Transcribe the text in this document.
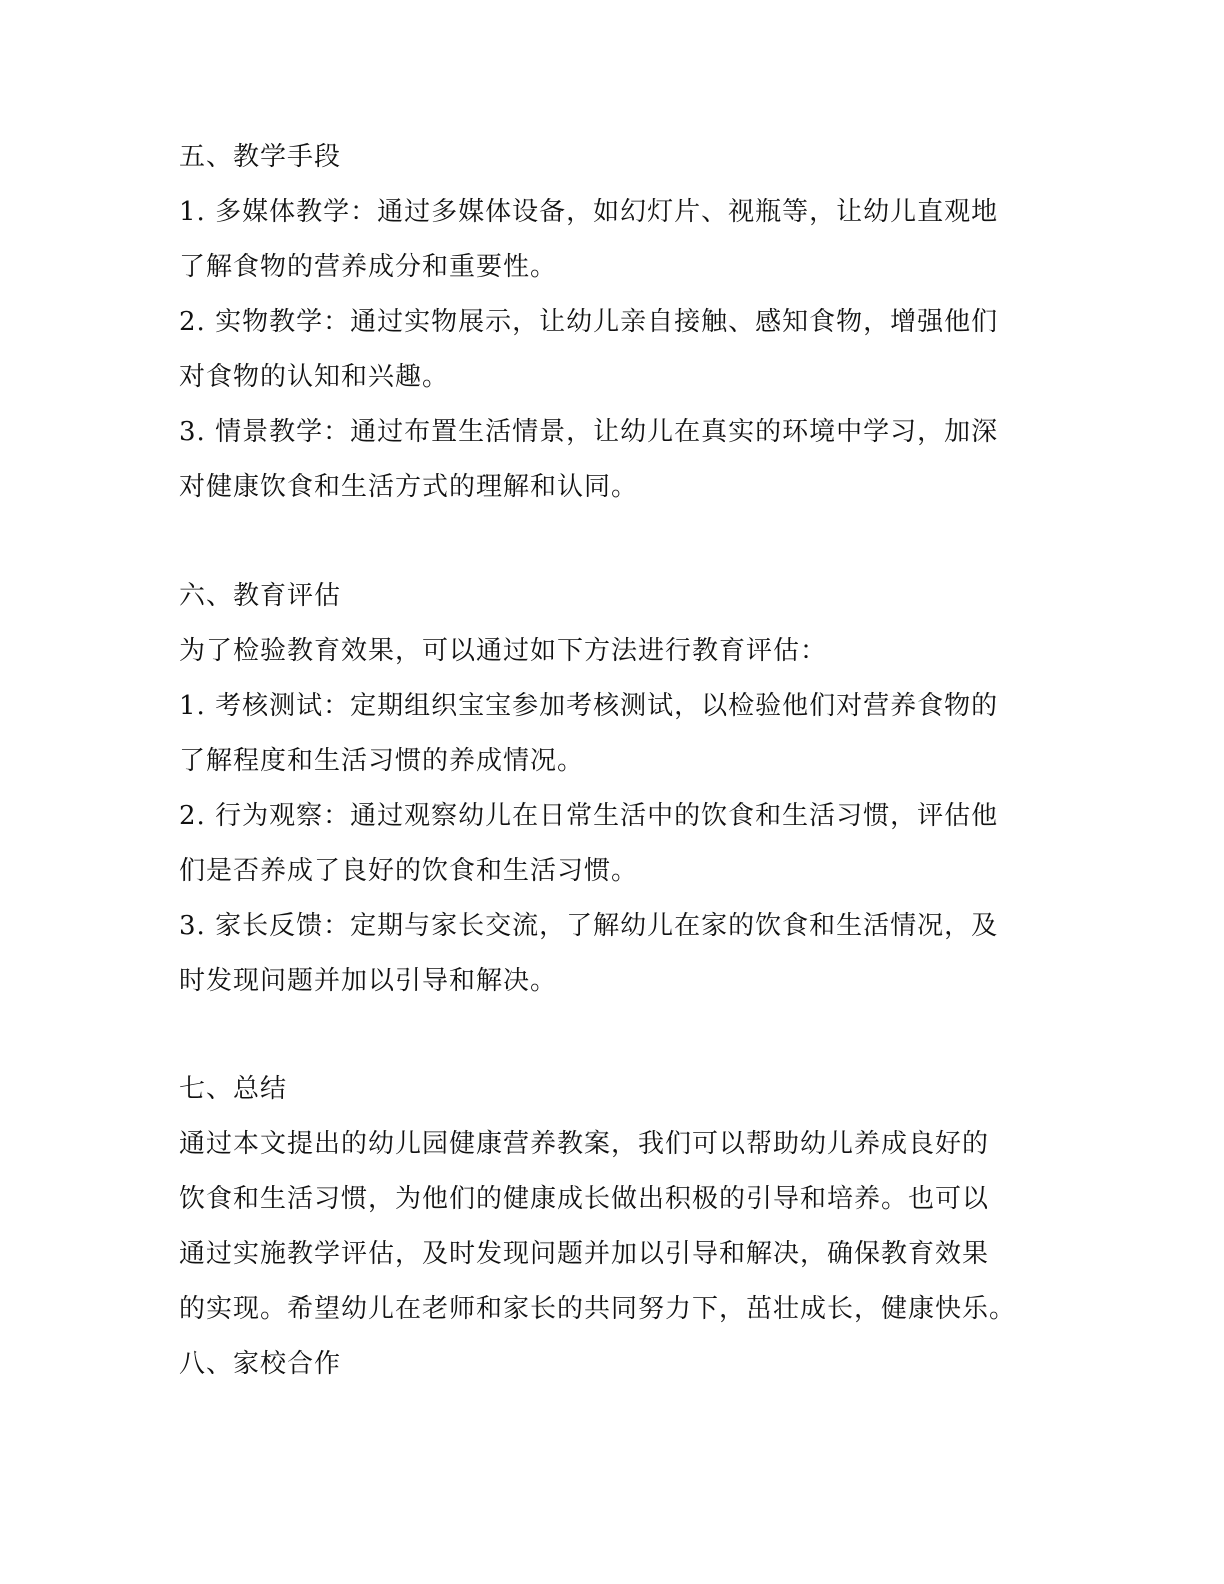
五、教学手段
1. 多媒体教学：通过多媒体设备，如幻灯片、视瓶等，让幼儿直观地
了解食物的营养成分和重要性。
2. 实物教学：通过实物展示，让幼儿亲自接触、感知食物，增强他们
对食物的认知和兴趣。
3. 情景教学：通过布置生活情景，让幼儿在真实的环境中学习，加深
对健康饮食和生活方式的理解和认同。
六、教育评估
为了检验教育效果，可以通过如下方法进行教育评估：
1. 考核测试：定期组织宝宝参加考核测试，以检验他们对营养食物的
了解程度和生活习惯的养成情况。
2. 行为观察：通过观察幼儿在日常生活中的饮食和生活习惯，评估他
们是否养成了良好的饮食和生活习惯。
3. 家长反馈：定期与家长交流，了解幼儿在家的饮食和生活情况，及
时发现问题并加以引导和解决。
七、总结
通过本文提出的幼儿园健康营养教案，我们可以帮助幼儿养成良好的
饮食和生活习惯，为他们的健康成长做出积极的引导和培养。也可以
通过实施教学评估，及时发现问题并加以引导和解决，确保教育效果
的实现。希望幼儿在老师和家长的共同努力下，茁壮成长，健康快乐。
八、家校合作
